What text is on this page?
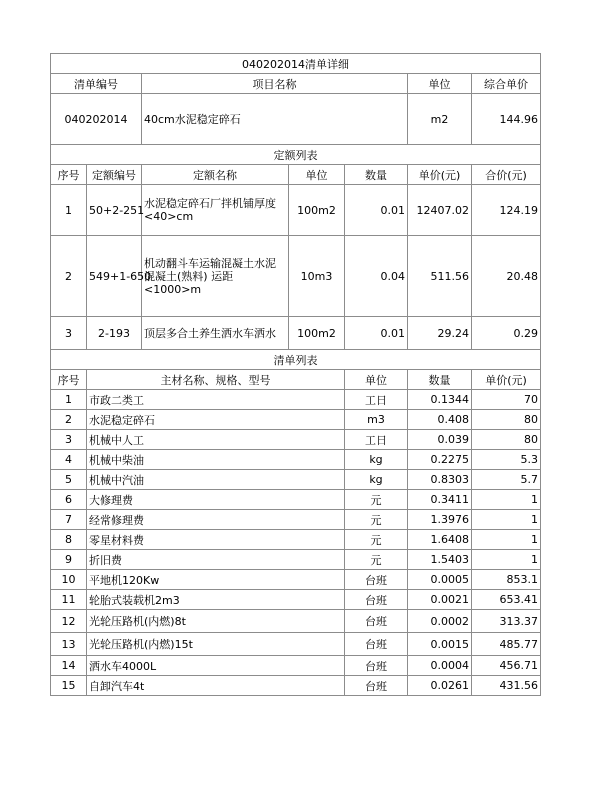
040202014清单详细							
清单编号		项目名称			单位	综合单价	
040202014		40cm水泥稳定碎石			m2	144.96	
定额列表							
序号	定额编号	定额名称	单位	数量	单价(元)	合价(元)	
1	50+2-251	水泥稳定碎石厂拌机铺厚度<40>cm	100m2	0.01	12407.02	124.19	
2	549+1-650	机动翻斗车运输混凝土水泥混凝土(熟料) 运距<1000>m	10m3	0.04	511.56	20.48	
3	2-193	顶层多合土养生洒水车洒水	100m2	0.01	29.24	0.29	
清单列表							
序号	主材名称、规格、型号			单位	数量	单价(元)	
1	市政二类工			工日	0.1344	70	
2	水泥稳定碎石			m3	0.408	80	
3	机械中人工			工日	0.039	80	
4	机械中柴油			kg	0.2275	5.3	
5	机械中汽油			kg	0.8303	5.7	
6	大修理费			元	0.3411	1	
7	经常修理费			元	1.3976	1	
8	零星材料费			元	1.6408	1	
9	折旧费			元	1.5403	1	
10	平地机120Kw			台班	0.0005	853.1	
11	轮胎式装载机2m3			台班	0.0021	653.41	
12	光轮压路机(内燃)8t			台班	0.0002	313.37	
13	光轮压路机(内燃)15t			台班	0.0015	485.77	
14	洒水车4000L			台班	0.0004	456.71	
15	自卸汽车4t			台班	0.0261	431.56	
